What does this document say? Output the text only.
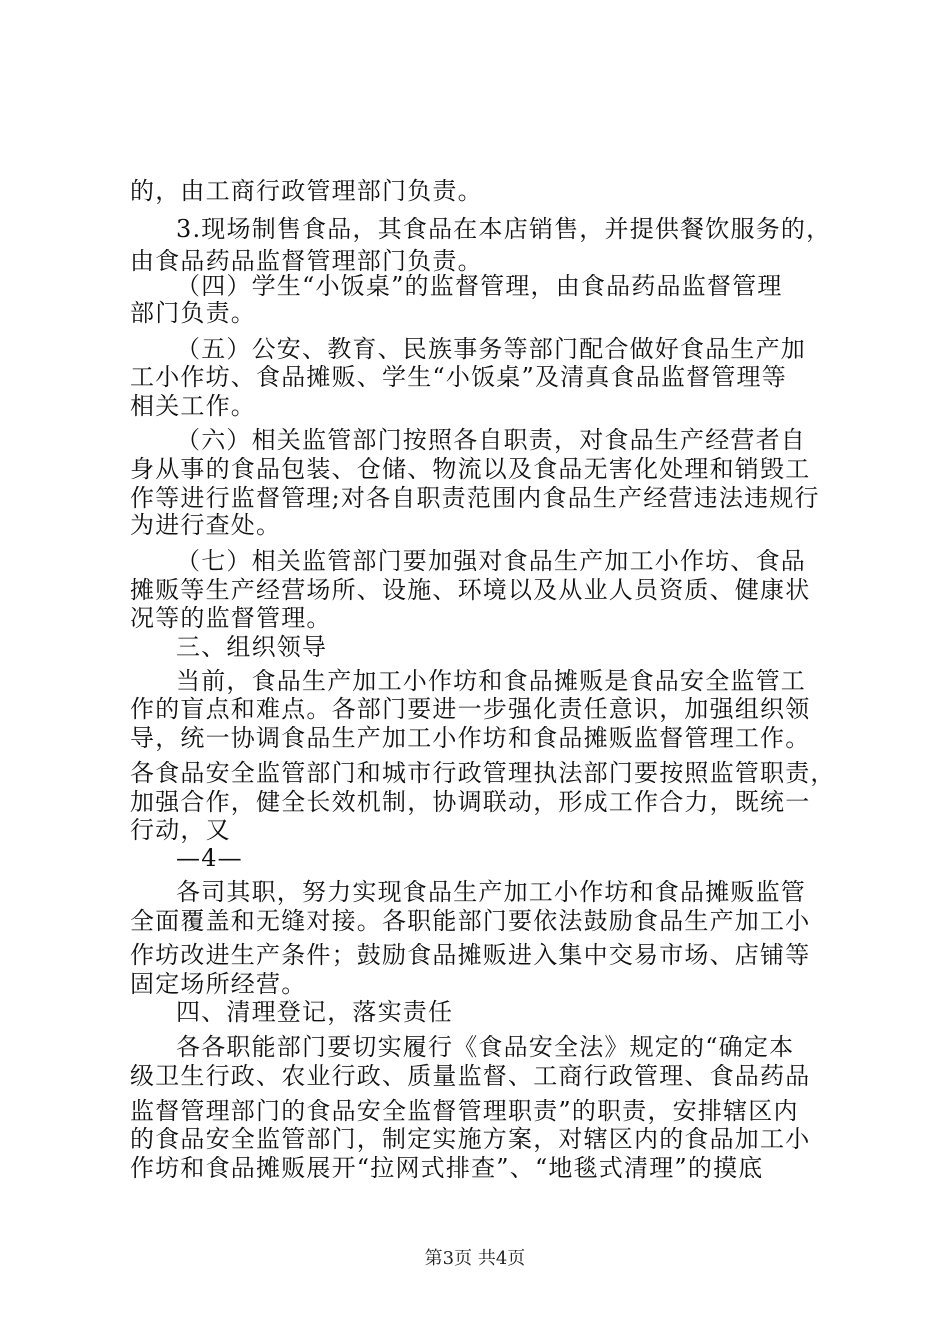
的，由工商行政管理部门负责。
3.现场制售食品，其食品在本店销售，并提供餐饮服务的，
由食品药品监督管理部门负责。
（四）学生“小饭桌”的监督管理，由食品药品监督管理
部门负责。
（五）公安、教育、民族事务等部门配合做好食品生产加
工小作坊、食品摊贩、学生“小饭桌”及清真食品监督管理等
相关工作。
（六）相关监管部门按照各自职责，对食品生产经营者自
身从事的食品包装、仓储、物流以及食品无害化处理和销毁工
作等进行监督管理;对各自职责范围内食品生产经营违法违规行
为进行查处。
（七）相关监管部门要加强对食品生产加工小作坊、食品
摊贩等生产经营场所、设施、环境以及从业人员资质、健康状
况等的监督管理。
三、组织领导
当前，食品生产加工小作坊和食品摊贩是食品安全监管工
作的盲点和难点。各部门要进一步强化责任意识，加强组织领
导，统一协调食品生产加工小作坊和食品摊贩监督管理工作。
各食品安全监管部门和城市行政管理执法部门要按照监管职责，
加强合作，健全长效机制，协调联动，形成工作合力，既统一
行动，又
—4—
各司其职，努力实现食品生产加工小作坊和食品摊贩监管
全面覆盖和无缝对接。各职能部门要依法鼓励食品生产加工小
作坊改进生产条件；鼓励食品摊贩进入集中交易市场、店铺等
固定场所经营。
四、清理登记，落实责任
各各职能部门要切实履行《食品安全法》规定的“确定本
级卫生行政、农业行政、质量监督、工商行政管理、食品药品
监督管理部门的食品安全监督管理职责”的职责，安排辖区内
的食品安全监管部门，制定实施方案，对辖区内的食品加工小
作坊和食品摊贩展开“拉网式排查”、“地毯式清理”的摸底
第3页 共4页
